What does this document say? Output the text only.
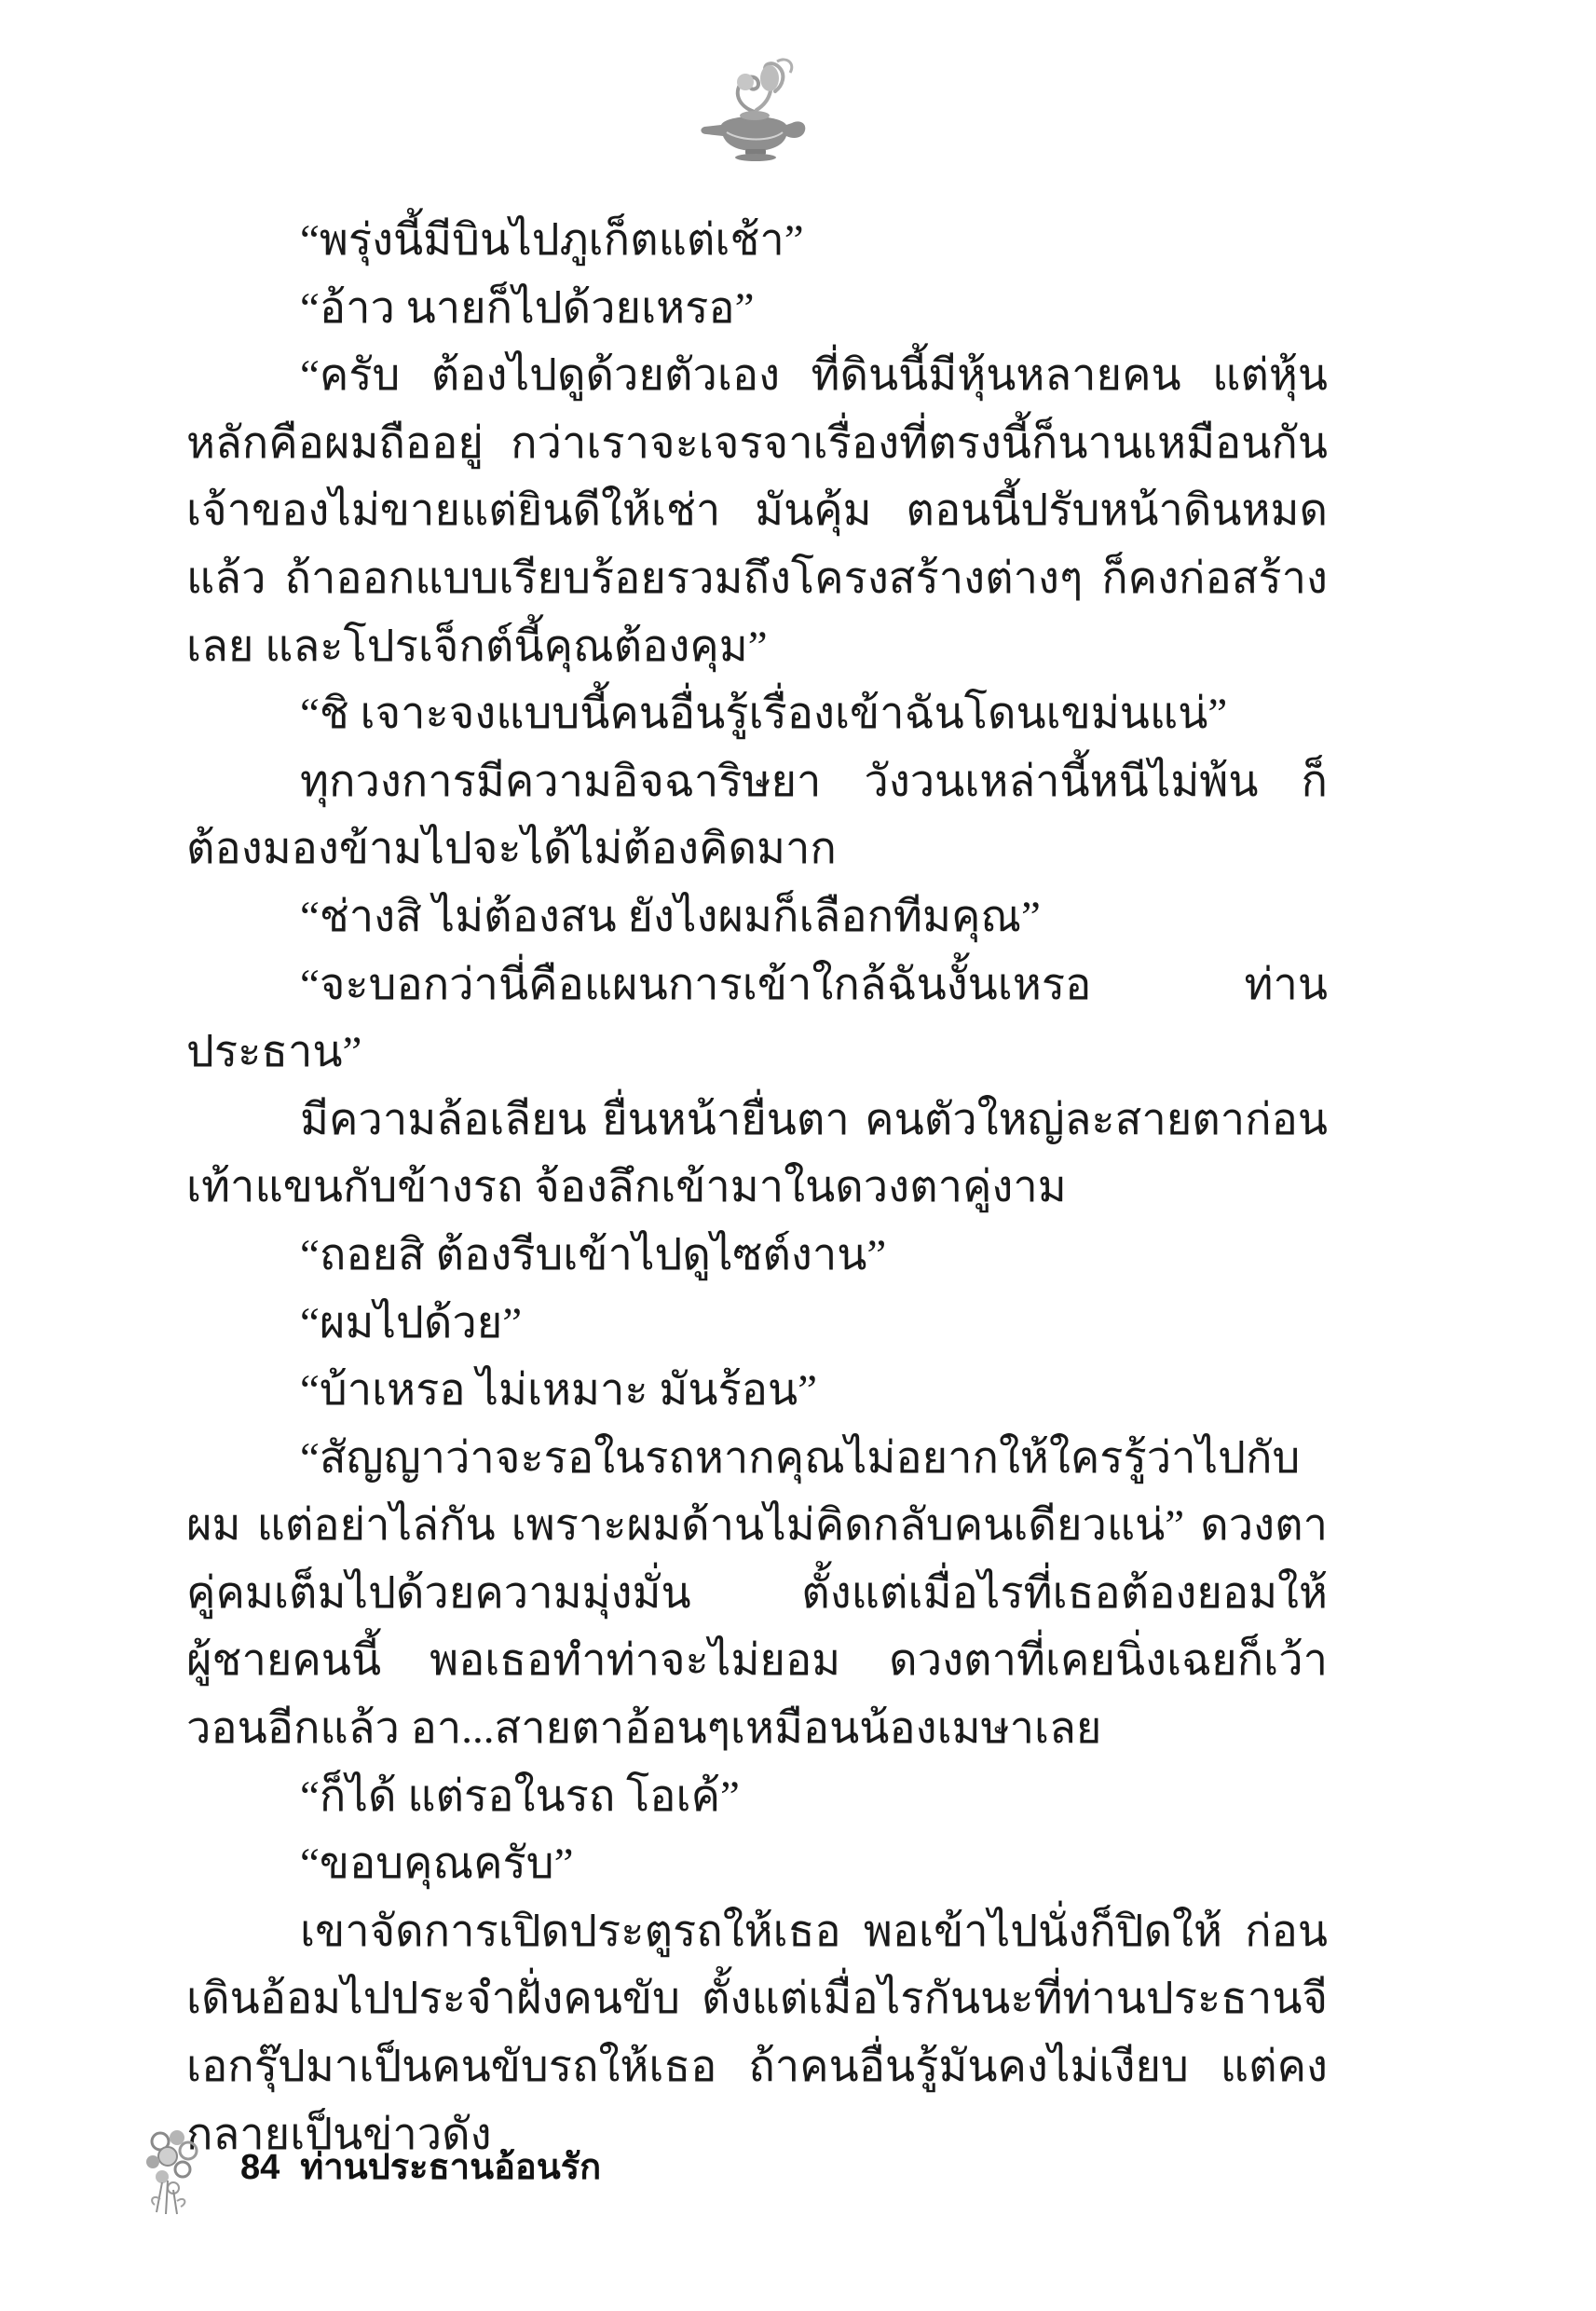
“พรุ่งนี้มีบินไปภูเก็ตแต่เช้า”

“อ้าว นายก็ไปด้วยเหรอ”

“ครับ ต้องไปดูด้วยตัวเอง ที่ดินนี้มีหุ้นหลายคน แต่หุ้นหลักคือผมถืออยู่ กว่าเราจะเจรจาเรื่องที่ตรงนี้ก็นานเหมือนกัน เจ้าของไม่ขายแต่ยินดีให้เช่า มันคุ้ม ตอนนี้ปรับหน้าดินหมดแล้ว ถ้าออกแบบเรียบร้อยรวมถึงโครงสร้างต่างๆ ก็คงก่อสร้างเลย และโปรเจ็กต์นี้คุณต้องคุม”

“ชิ เจาะจงแบบนี้คนอื่นรู้เรื่องเข้าฉันโดนเขม่นแน่”

ทุกวงการมีความอิจฉาริษยา วังวนเหล่านี้หนีไม่พ้น ก็ต้องมองข้ามไปจะได้ไม่ต้องคิดมาก

“ช่างสิ ไม่ต้องสน ยังไงผมก็เลือกทีมคุณ”

“จะบอกว่านี่คือแผนการเข้าใกล้ฉันงั้นเหรอ ท่านประธาน”

มีความล้อเลียน ยื่นหน้ายื่นตา คนตัวใหญ่ละสายตาก่อนเท้าแขนกับข้างรถ จ้องลึกเข้ามาในดวงตาคู่งาม

“ถอยสิ ต้องรีบเข้าไปดูไซต์งาน”

“ผมไปด้วย”

“บ้าเหรอ ไม่เหมาะ มันร้อน”

“สัญญาว่าจะรอในรถหากคุณไม่อยากให้ใครรู้ว่าไปกับผม แต่อย่าไล่กัน เพราะผมด้านไม่คิดกลับคนเดียวแน่” ดวงตาคู่คมเต็มไปด้วยความมุ่งมั่น ตั้งแต่เมื่อไรที่เธอต้องยอมให้ผู้ชายคนนี้ พอเธอทำท่าจะไม่ยอม ดวงตาที่เคยนิ่งเฉยก็เว้าวอนอีกแล้ว อา...สายตาอ้อนๆเหมือนน้องเมษาเลย

“ก็ได้ แต่รอในรถ โอเค้”

“ขอบคุณครับ”

เขาจัดการเปิดประตูรถให้เธอ พอเข้าไปนั่งก็ปิดให้ ก่อนเดินอ้อมไปประจำฝั่งคนขับ ตั้งแต่เมื่อไรกันนะที่ท่านประธานจีเอกรุ๊ปมาเป็นคนขับรถให้เธอ ถ้าคนอื่นรู้มันคงไม่เงียบ แต่คงกลายเป็นข่าวดัง

84 ท่านประธานอ้อนรัก
